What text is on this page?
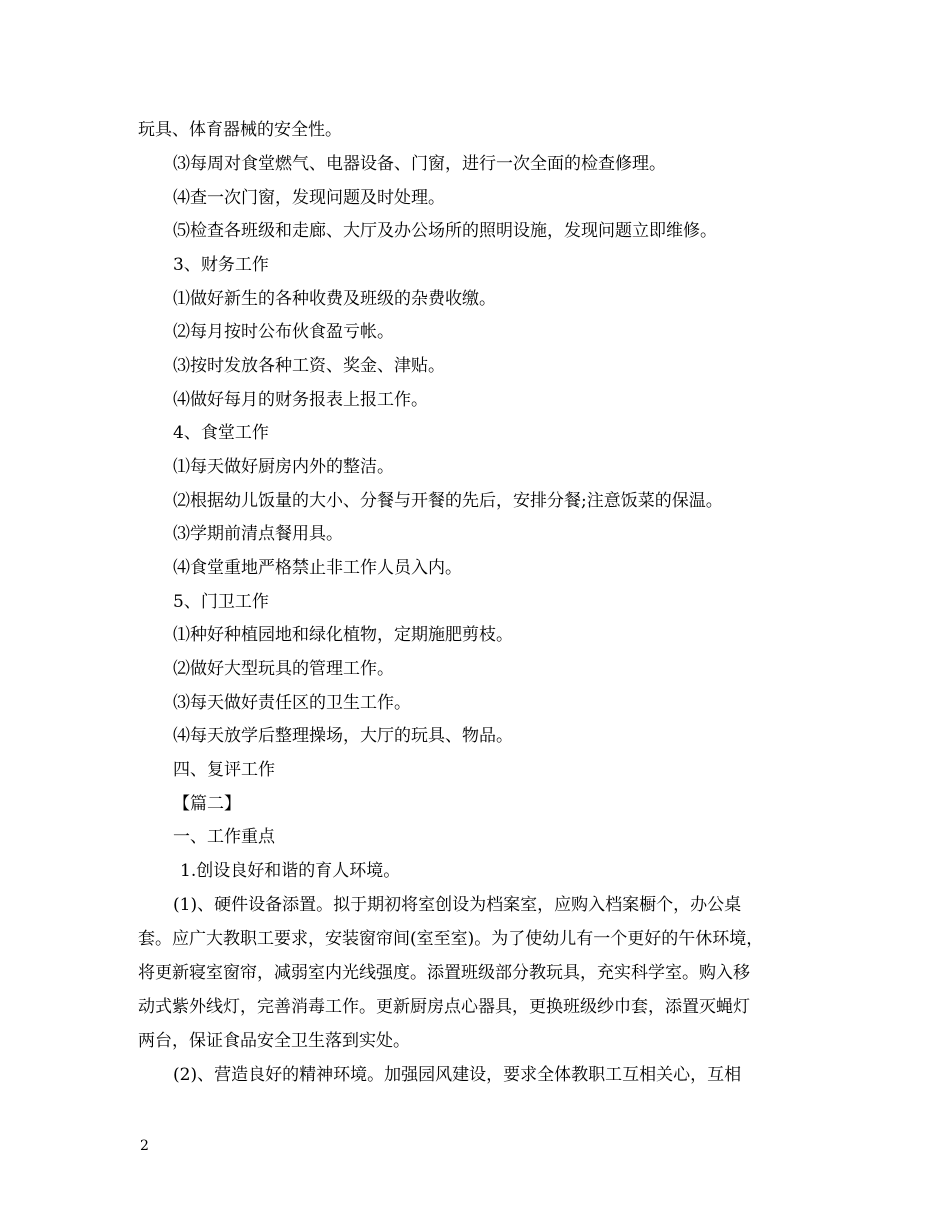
玩具、体育器械的安全性。
⑶每周对食堂燃气、电器设备、门窗，进行一次全面的检查修理。
⑷查一次门窗，发现问题及时处理。
⑸检查各班级和走廊、大厅及办公场所的照明设施，发现问题立即维修。
3、财务工作
⑴做好新生的各种收费及班级的杂费收缴。
⑵每月按时公布伙食盈亏帐。
⑶按时发放各种工资、奖金、津贴。
⑷做好每月的财务报表上报工作。
4、食堂工作
⑴每天做好厨房内外的整洁。
⑵根据幼儿饭量的大小、分餐与开餐的先后，安排分餐;注意饭菜的保温。
⑶学期前清点餐用具。
⑷食堂重地严格禁止非工作人员入内。
5、门卫工作
⑴种好种植园地和绿化植物，定期施肥剪枝。
⑵做好大型玩具的管理工作。
⑶每天做好责任区的卫生工作。
⑷每天放学后整理操场，大厅的玩具、物品。
四、复评工作
【篇二】
一、工作重点
1.创设良好和谐的育人环境。
(1)、硬件设备添置。拟于期初将室创设为档案室，应购入档案橱个，办公桌
套。应广大教职工要求，安装窗帘间(室至室)。为了使幼儿有一个更好的午休环境，
将更新寝室窗帘，减弱室内光线强度。添置班级部分教玩具，充实科学室。购入移
动式紫外线灯，完善消毒工作。更新厨房点心器具，更换班级纱巾套，添置灭蝇灯
两台，保证食品安全卫生落到实处。
(2)、营造良好的精神环境。加强园风建设，要求全体教职工互相关心，互相
2
